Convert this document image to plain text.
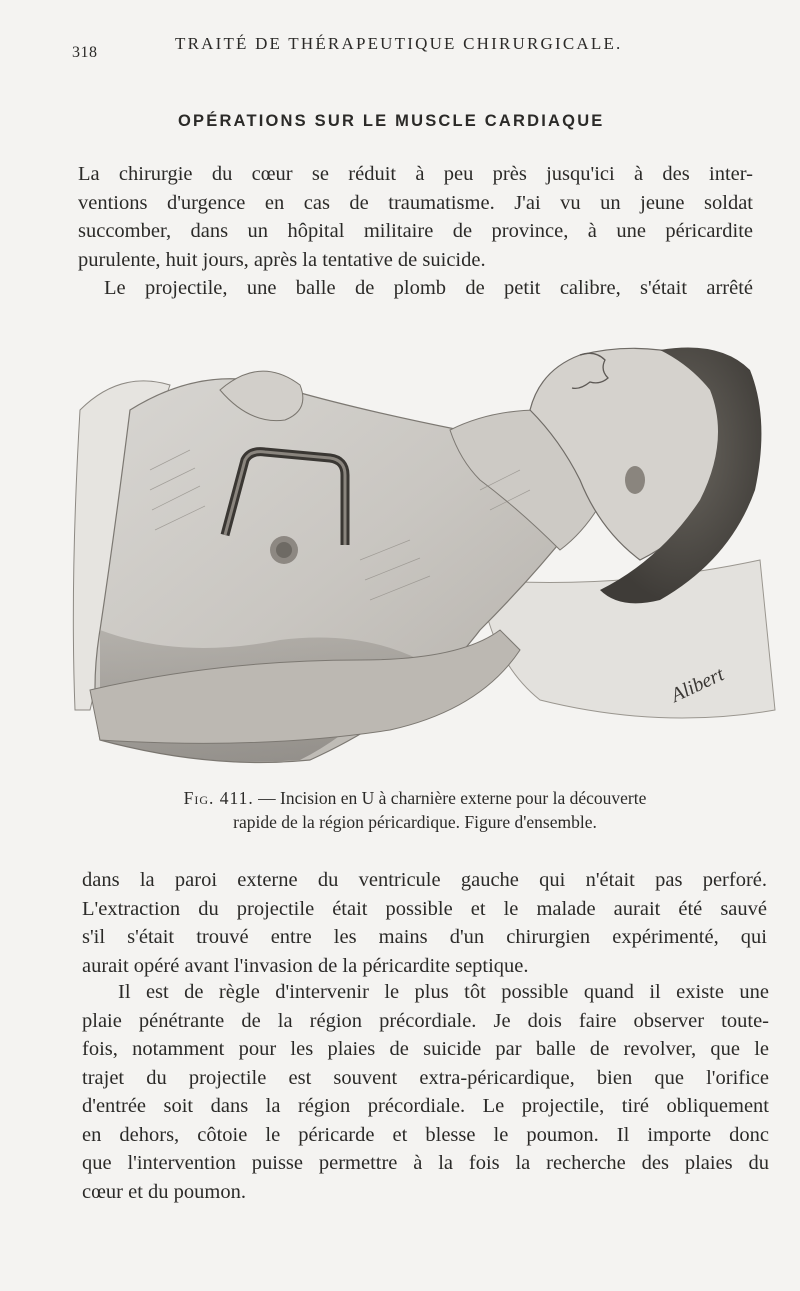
318	TRAITÉ DE THÉRAPEUTIQUE CHIRURGICALE.
OPÉRATIONS SUR LE MUSCLE CARDIAQUE

La chirurgie du cœur se réduit à peu près jusqu'ici à des inter-
ventions d'urgence en cas de traumatisme. J'ai vu un jeune soldat
succomber, dans un hôpital militaire de province, à une péricardite
purulente, huit jours, après la tentative de suicide.
Le projectile, une balle de plomb de petit calibre, s'était arrêté

Alibert
Fig. 411. — Incision en U à charnière externe pour la découverte
rapide de la région péricardique. Figure d'ensemble.

dans la paroi externe du ventricule gauche qui n'était pas perforé.
L'extraction du projectile était possible et le malade aurait été sauvé
s'il s'était trouvé entre les mains d'un chirurgien expérimenté, qui
aurait opéré avant l'invasion de la péricardite septique.

Il est de règle d'intervenir le plus tôt possible quand il existe une
plaie pénétrante de la région précordiale. Je dois faire observer toute-
fois, notamment pour les plaies de suicide par balle de revolver, que le
trajet du projectile est souvent extra-péricardique, bien que l'orifice
d'entrée soit dans la région précordiale. Le projectile, tiré obliquement
en dehors, côtoie le péricarde et blesse le poumon. Il importe donc
que l'intervention puisse permettre à la fois la recherche des plaies du
cœur et du poumon.
